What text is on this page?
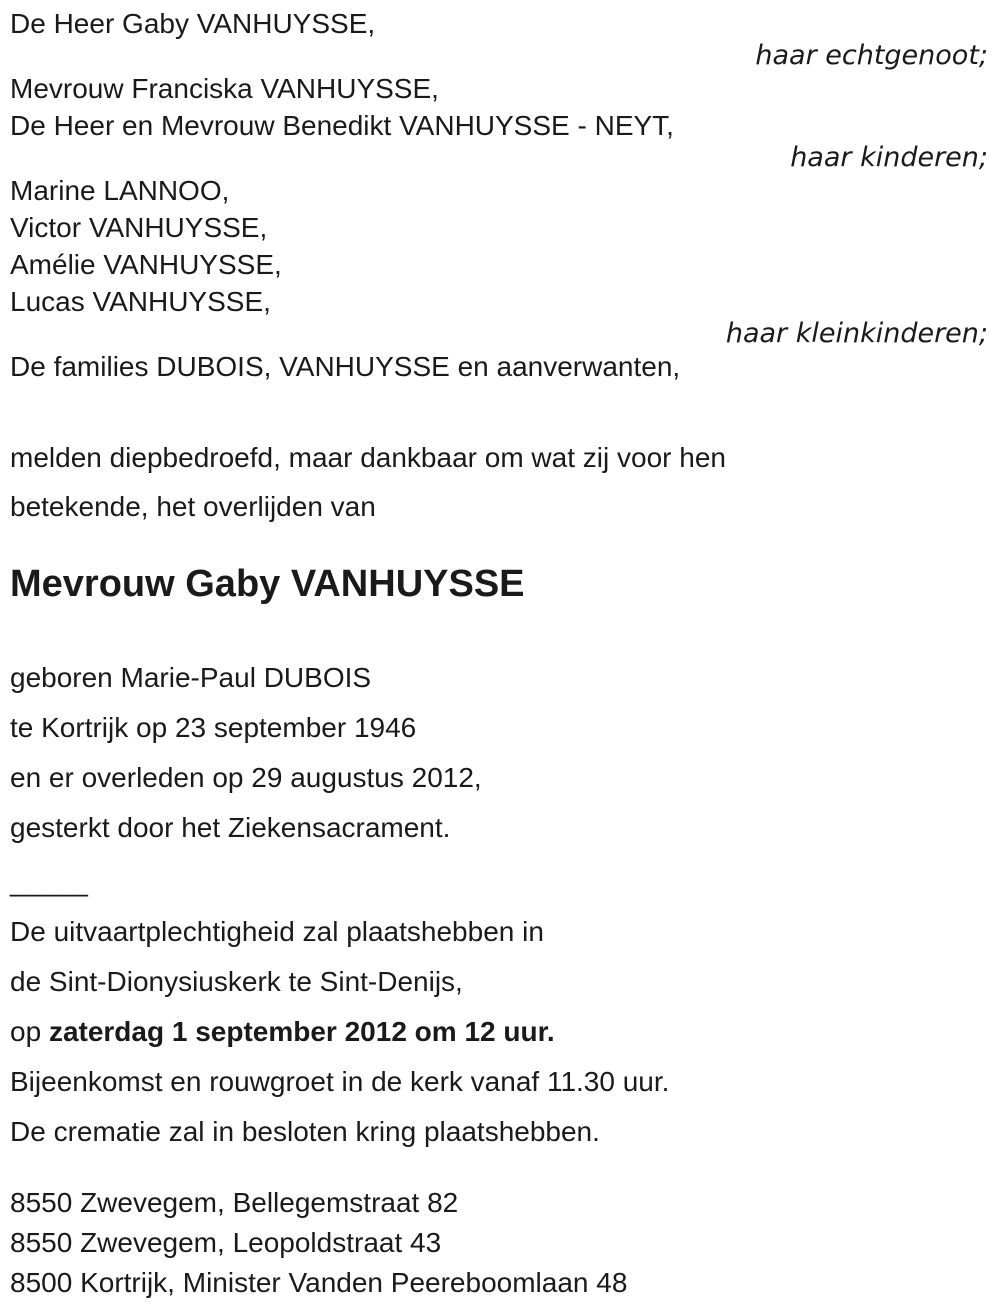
De Heer Gaby VANHUYSSE,
haar echtgenoot;
Mevrouw Franciska VANHUYSSE,
De Heer en Mevrouw Benedikt VANHUYSSE - NEYT,
haar kinderen;
Marine LANNOO,
Victor VANHUYSSE,
Amélie VANHUYSSE,
Lucas VANHUYSSE,
haar kleinkinderen;
De families DUBOIS, VANHUYSSE en aanverwanten,
melden diepbedroefd, maar dankbaar om wat zij voor hen
betekende, het overlijden van
Mevrouw Gaby VANHUYSSE
geboren Marie-Paul DUBOIS
te Kortrijk op 23 september 1946
en er overleden op 29 augustus 2012,
gesterkt door het Ziekensacrament.
_____
De uitvaartplechtigheid zal plaatshebben in
de Sint-Dionysiuskerk te Sint-Denijs,
op zaterdag 1 september 2012 om 12 uur.
Bijeenkomst en rouwgroet in de kerk vanaf 11.30 uur.
De crematie zal in besloten kring plaatshebben.
8550 Zwevegem, Bellegemstraat 82
8550 Zwevegem, Leopoldstraat 43
8500 Kortrijk, Minister Vanden Peereboomlaan 48
